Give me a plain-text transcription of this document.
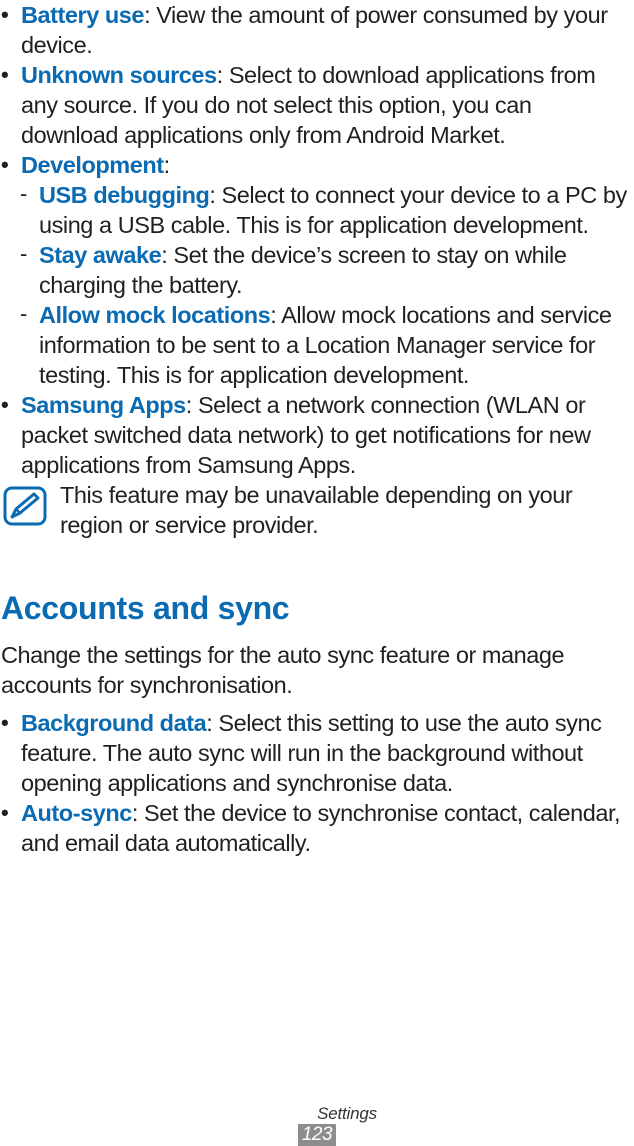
• Battery use: View the amount of power consumed by your device.

• Unknown sources: Select to download applications from any source. If you do not select this option, you can download applications only from Android Market.

• Development:

- USB debugging: Select to connect your device to a PC by using a USB cable. This is for application development.

- Stay awake: Set the device’s screen to stay on while charging the battery.

- Allow mock locations: Allow mock locations and service information to be sent to a Location Manager service for testing. This is for application development.

• Samsung Apps: Select a network connection (WLAN or packet switched data network) to get notifications for new applications from Samsung Apps.

This feature may be unavailable depending on your region or service provider.
Accounts and sync

Change the settings for the auto sync feature or manage accounts for synchronisation.

• Background data: Select this setting to use the auto sync feature. The auto sync will run in the background without opening applications and synchronise data.

• Auto-sync: Set the device to synchronise contact, calendar, and email data automatically.

Settings
123
